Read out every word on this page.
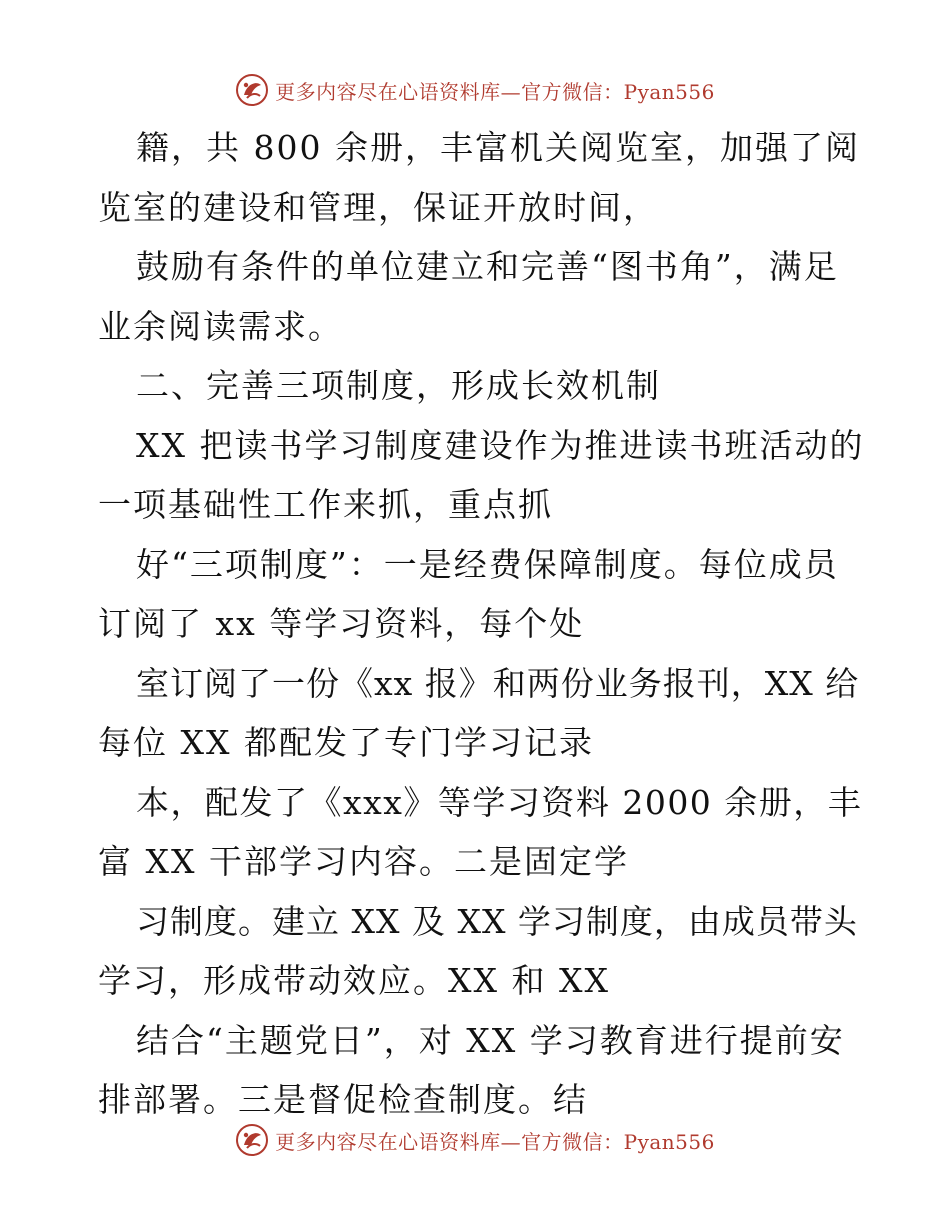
更多内容尽在心语资料库—官方微信：Pyan556
籍，共 800 余册，丰富机关阅览室，加强了阅
览室的建设和管理，保证开放时间，
鼓励有条件的单位建立和完善“图书角”，满足
业余阅读需求。
二、完善三项制度，形成长效机制
XX 把读书学习制度建设作为推进读书班活动的
一项基础性工作来抓，重点抓
好“三项制度”：一是经费保障制度。每位成员
订阅了 xx 等学习资料，每个处
室订阅了一份《xx 报》和两份业务报刊，XX 给
每位 XX 都配发了专门学习记录
本，配发了《xxx》等学习资料 2000 余册，丰
富 XX 干部学习内容。二是固定学
习制度。建立 XX 及 XX 学习制度，由成员带头
学习，形成带动效应。XX 和 XX
结合“主题党日”，对 XX 学习教育进行提前安
排部署。三是督促检查制度。结
更多内容尽在心语资料库—官方微信：Pyan556
